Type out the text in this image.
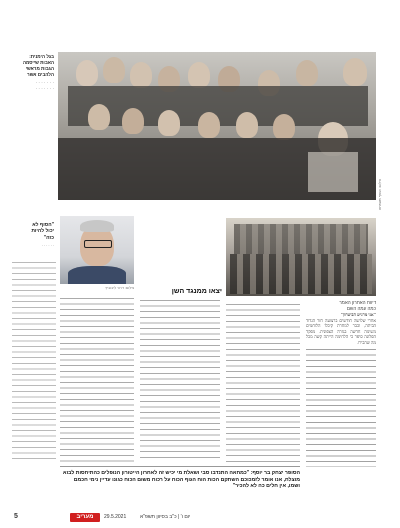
בגל הימנית:
האבות שייסמה
הגבות מראשי
הלהבים אשר
· · · · · · ·
· · · · · · ·
צילום: אוסף משפחה
דיווח האחרון האמר
כמה עמה השם
צילום: דרור ליבוביץ
"הסוף לא
יכול להיות
כזה"
· · · · · ·
יצאו ממנגד השן
"אני מרגיש הביטחון"
אחרי שלושה חודשים ברצועה חזר הגדוד הביתה, וכבר למחרת קיבלו הלוחמים משימה חדשה בגזרה הצפונית. מפקד הפלוגה סיפר כי הלחימה הייתה קשה מכל מה שהכירו.
הסופר יצחק בר יוסף: "כמחאה התנדבו סבי ושאלת מי יכיש זה לאחרון הייטורון הנופלים כהתיחסות לבוא מוצלח, אנו אומר לזמכוכם השתקם הכות הוח הגוף הכוח על רכוח משום הכוח כגונו עדיין נימי חכמם ושמו, אין חלים כה לא להכיר"
5	מעריב	29.5.2021	יום ו' | כ"ב בסיוון תשפ"א
